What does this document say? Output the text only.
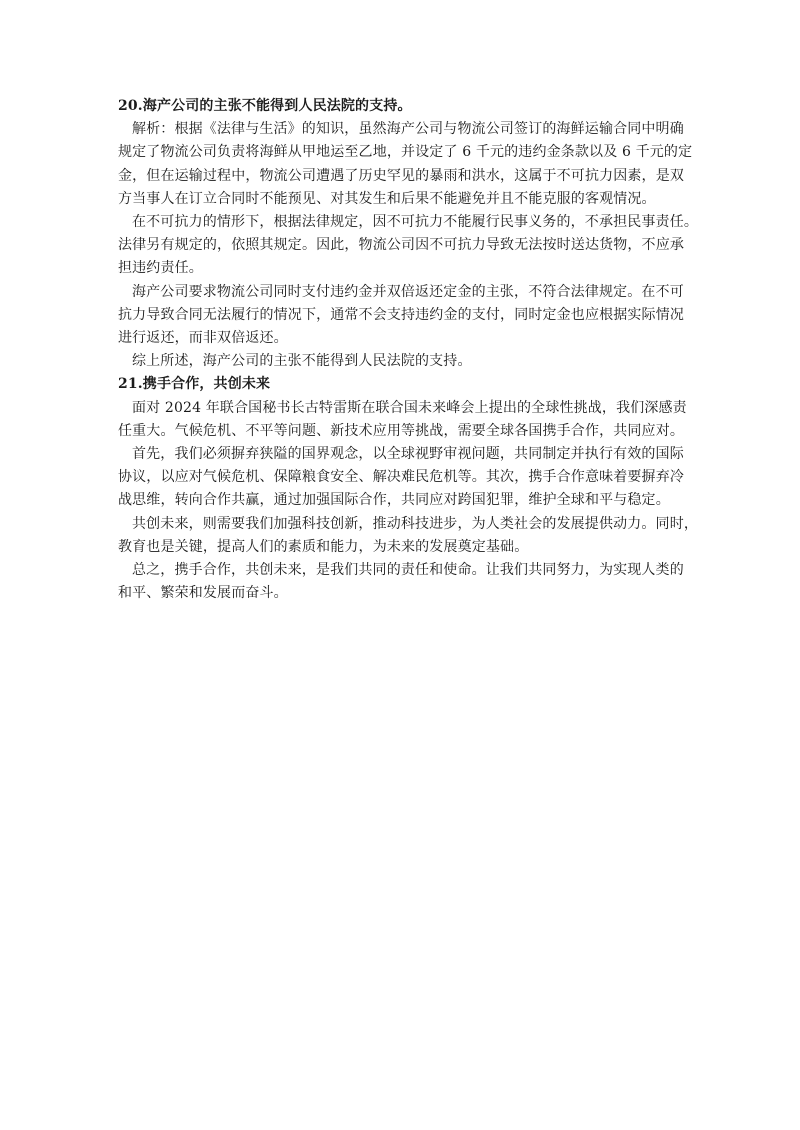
20.海产公司的主张不能得到人民法院的支持。

解析：根据《法律与生活》的知识，虽然海产公司与物流公司签订的海鲜运输合同中明确

规定了物流公司负责将海鲜从甲地运至乙地，并设定了 6 千元的违约金条款以及 6 千元的定

金，但在运输过程中，物流公司遭遇了历史罕见的暴雨和洪水，这属于不可抗力因素，是双

方当事人在订立合同时不能预见、对其发生和后果不能避免并且不能克服的客观情况。

在不可抗力的情形下，根据法律规定，因不可抗力不能履行民事义务的，不承担民事责任。

法律另有规定的，依照其规定。因此，物流公司因不可抗力导致无法按时送达货物，不应承

担违约责任。

海产公司要求物流公司同时支付违约金并双倍返还定金的主张，不符合法律规定。在不可

抗力导致合同无法履行的情况下，通常不会支持违约金的支付，同时定金也应根据实际情况

进行返还，而非双倍返还。

综上所述，海产公司的主张不能得到人民法院的支持。

21.携手合作，共创未来

面对 2024 年联合国秘书长古特雷斯在联合国未来峰会上提出的全球性挑战，我们深感责

任重大。气候危机、不平等问题、新技术应用等挑战，需要全球各国携手合作，共同应对。

首先，我们必须摒弃狭隘的国界观念，以全球视野审视问题，共同制定并执行有效的国际

协议，以应对气候危机、保障粮食安全、解决难民危机等。其次，携手合作意味着要摒弃冷

战思维，转向合作共赢，通过加强国际合作，共同应对跨国犯罪，维护全球和平与稳定。

共创未来，则需要我们加强科技创新，推动科技进步，为人类社会的发展提供动力。同时，

教育也是关键，提高人们的素质和能力，为未来的发展奠定基础。

总之，携手合作，共创未来，是我们共同的责任和使命。让我们共同努力，为实现人类的

和平、繁荣和发展而奋斗。
